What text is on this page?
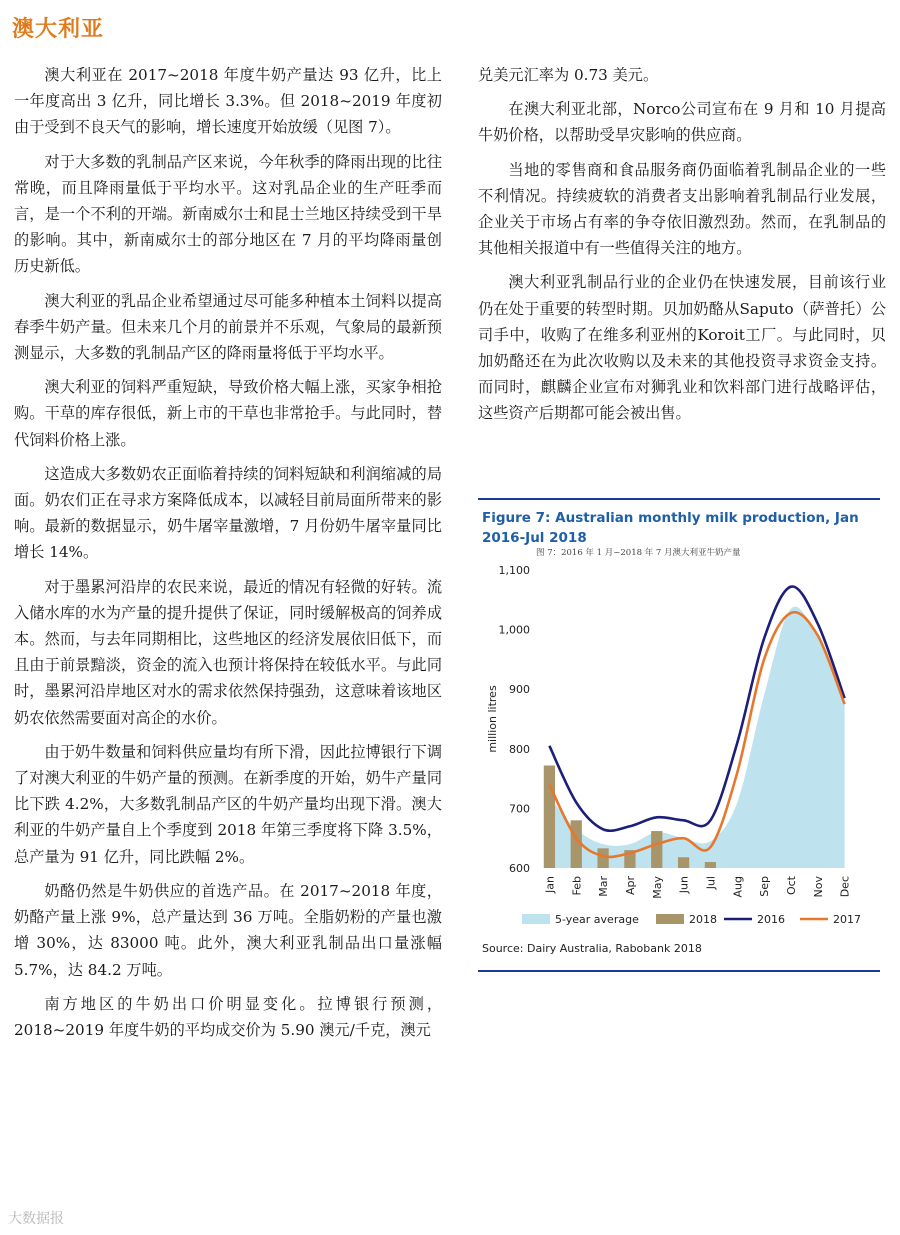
澳大利亚

澳大利亚在 2017~2018 年度牛奶产量达 93 亿升，比上一年度高出 3 亿升，同比增长 3.3%。但 2018~2019 年度初由于受到不良天气的影响，增长速度开始放缓（见图 7）。

对于大多数的乳制品产区来说，今年秋季的降雨出现的比往常晚，而且降雨量低于平均水平。这对乳品企业的生产旺季而言，是一个不利的开端。新南威尔士和昆士兰地区持续受到干旱的影响。其中，新南威尔士的部分地区在 7 月的平均降雨量创历史新低。

澳大利亚的乳品企业希望通过尽可能多种植本土饲料以提高春季牛奶产量。但未来几个月的前景并不乐观，气象局的最新预测显示，大多数的乳制品产区的降雨量将低于平均水平。

澳大利亚的饲料严重短缺，导致价格大幅上涨，买家争相抢购。干草的库存很低，新上市的干草也非常抢手。与此同时，替代饲料价格上涨。

这造成大多数奶农正面临着持续的饲料短缺和利润缩减的局面。奶农们正在寻求方案降低成本，以减轻目前局面所带来的影响。最新的数据显示，奶牛屠宰量激增，7 月份奶牛屠宰量同比增长 14%。

对于墨累河沿岸的农民来说，最近的情况有轻微的好转。流入储水库的水为产量的提升提供了保证，同时缓解极高的饲养成本。然而，与去年同期相比，这些地区的经济发展依旧低下，而且由于前景黯淡，资金的流入也预计将保持在较低水平。与此同时，墨累河沿岸地区对水的需求依然保持强劲，这意味着该地区奶农依然需要面对高企的水价。

由于奶牛数量和饲料供应量均有所下滑，因此拉博银行下调了对澳大利亚的牛奶产量的预测。在新季度的开始，奶牛产量同比下跌 4.2%，大多数乳制品产区的牛奶产量均出现下滑。澳大利亚的牛奶产量自上个季度到 2018 年第三季度将下降 3.5%，总产量为 91 亿升，同比跌幅 2%。

奶酪仍然是牛奶供应的首选产品。在 2017~2018 年度，奶酪产量上涨 9%，总产量达到 36 万吨。全脂奶粉的产量也激增 30%，达 83000 吨。此外，澳大利亚乳制品出口量涨幅 5.7%，达 84.2 万吨。

南方地区的牛奶出口价明显变化。拉博银行预测，2018~2019 年度牛奶的平均成交价为 5.90 澳元/千克，澳元

兑美元汇率为 0.73 美元。

在澳大利亚北部，Norco公司宣布在 9 月和 10 月提高牛奶价格，以帮助受旱灾影响的供应商。

当地的零售商和食品服务商仍面临着乳制品企业的一些不利情况。持续疲软的消费者支出影响着乳制品行业发展，企业关于市场占有率的争夺依旧激烈劲。然而，在乳制品的其他相关报道中有一些值得关注的地方。

澳大利亚乳制品行业的企业仍在快速发展，目前该行业仍在处于重要的转型时期。贝加奶酪从Saputo（萨普托）公司手中，收购了在维多利亚州的Koroit工厂。与此同时，贝加奶酪还在为此次收购以及未来的其他投资寻求资金支持。而同时，麒麟企业宣布对狮乳业和饮料部门进行战略评估，这些资产后期都可能会被出售。

Figure 7: Australian monthly milk production, Jan 2016-Jul 2018
图 7：2016 年 1 月~2018 年 7 月澳大利亚牛奶产量
600
700
800
900
1,000
1,100
million litres
Jan Feb Mar Apr May Jun Jul Aug Sep Oct Nov Dec
5-year average	2018	2016	2017
Source: Dairy Australia, Rabobank 2018
大数据报
